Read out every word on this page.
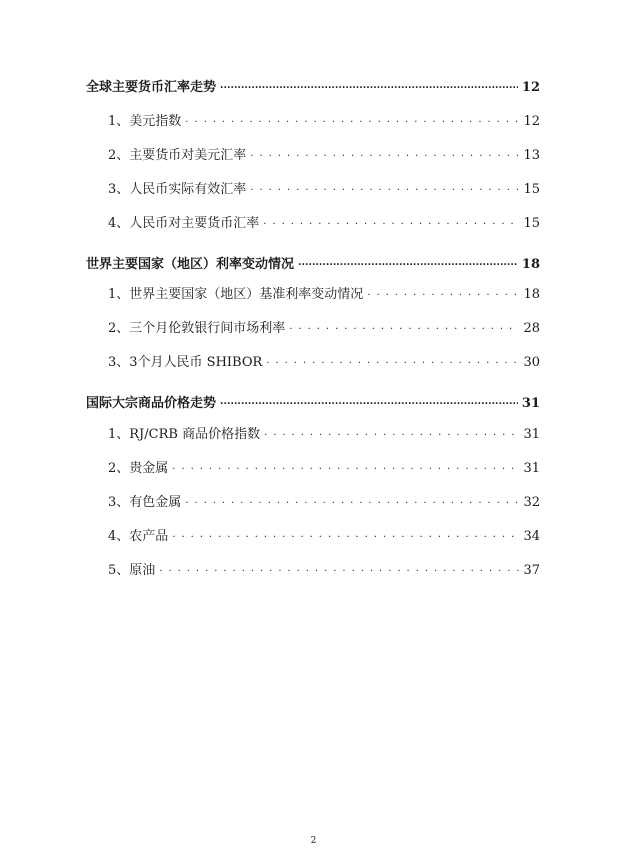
全球主要货币汇率走势 .....	12
1、美元指数 . . .	12
2、主要货币对美元汇率 . . .	13
3、人民币实际有效汇率 . . .	15
4、人民币对主要货币汇率 . . .	15
世界主要国家（地区）利率变动情况 .....	18
1、世界主要国家（地区）基准利率变动情况 . . .	18
2、三个月伦敦银行间市场利率 . . .	28
3、3个月人民币 SHIBOR . . .	30
国际大宗商品价格走势 .....	31
1、RJ/CRB 商品价格指数 . . .	31
2、贵金属 . . .	31
3、有色金属 . . .	32
4、农产品 . . .	34
5、原油 . . .	37
2
